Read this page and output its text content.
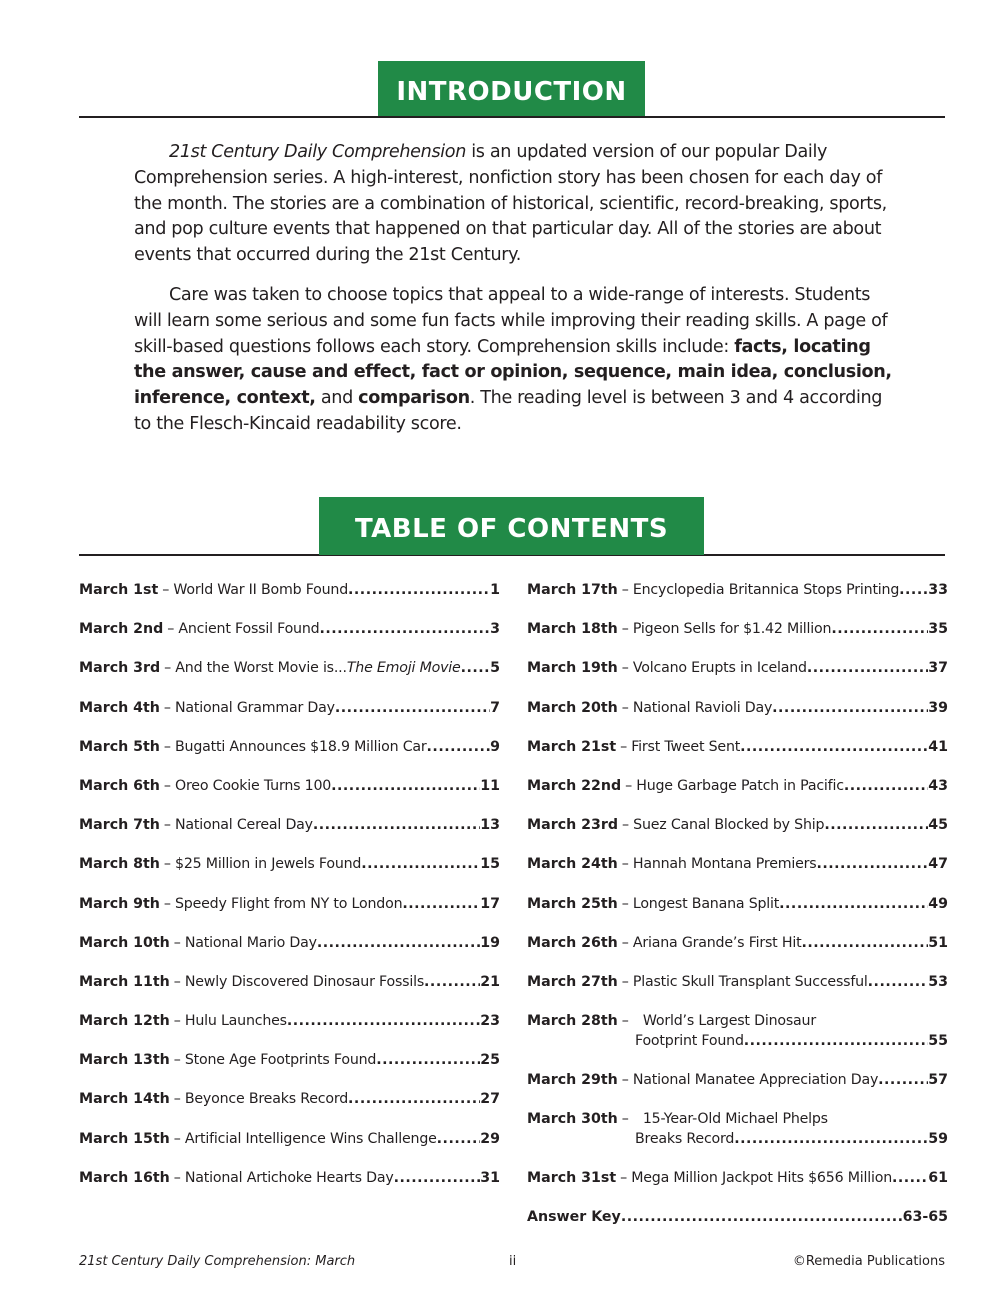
INTRODUCTION

21st Century Daily Comprehension is an updated version of our popular Daily Comprehension series. A high-interest, nonfiction story has been chosen for each day of the month. The stories are a combination of historical, scientific, record-breaking, sports, and pop culture events that happened on that particular day. All of the stories are about events that occurred during the 21st Century.

Care was taken to choose topics that appeal to a wide-range of interests. Students will learn some serious and some fun facts while improving their reading skills. A page of skill-based questions follows each story. Comprehension skills include: facts, locating the answer, cause and effect, fact or opinion, sequence, main idea, conclusion, inference, context, and comparison. The reading level is between 3 and 4 according to the Flesch-Kincaid readability score.

TABLE OF CONTENTS
March 1st – World War II Bomb Found .....	1
March 2nd – Ancient Fossil Found .....	3
March 3rd – And the Worst Movie is...The Emoji Movie ..... 5
March 4th – National Grammar Day .....	7
March 5th – Bugatti Announces $18.9 Million Car .....	9
March 6th – Oreo Cookie Turns 100 .....	11
March 7th – National Cereal Day .....	13
March 8th – $25 Million in Jewels Found .....	15
March 9th – Speedy Flight from NY to London .....	17
March 10th – National Mario Day .....	19
March 11th – Newly Discovered Dinosaur Fossils .....	21
March 12th – Hulu Launches .....	23
March 13th – Stone Age Footprints Found .....	25
March 14th – Beyonce Breaks Record .....	27
March 15th – Artificial Intelligence Wins Challenge .....	29
March 16th – National Artichoke Hearts Day .....	31
March 17th – Encyclopedia Britannica Stops Printing ..... 33
March 18th – Pigeon Sells for $1.42 Million .....	35
March 19th – Volcano Erupts in Iceland .....	37
March 20th – National Ravioli Day .....	39
March 21st – First Tweet Sent .....	41
March 22nd – Huge Garbage Patch in Pacific .....	43
March 23rd – Suez Canal Blocked by Ship .....	45
March 24th – Hannah Montana Premiers .....	47
March 25th – Longest Banana Split .....	49
March 26th – Ariana Grande’s First Hit .....	51
March 27th – Plastic Skull Transplant Successful .....	53
March 28th – World’s Largest Dinosaur
Footprint Found .....	55
March 29th – National Manatee Appreciation Day .....	57
March 30th – 15-Year-Old Michael Phelps
Breaks Record .....	59
March 31st – Mega Million Jackpot Hits $656 Million .....	61
Answer Key .....	63-65
21st Century Daily Comprehension: March	ii	©Remedia Publications
